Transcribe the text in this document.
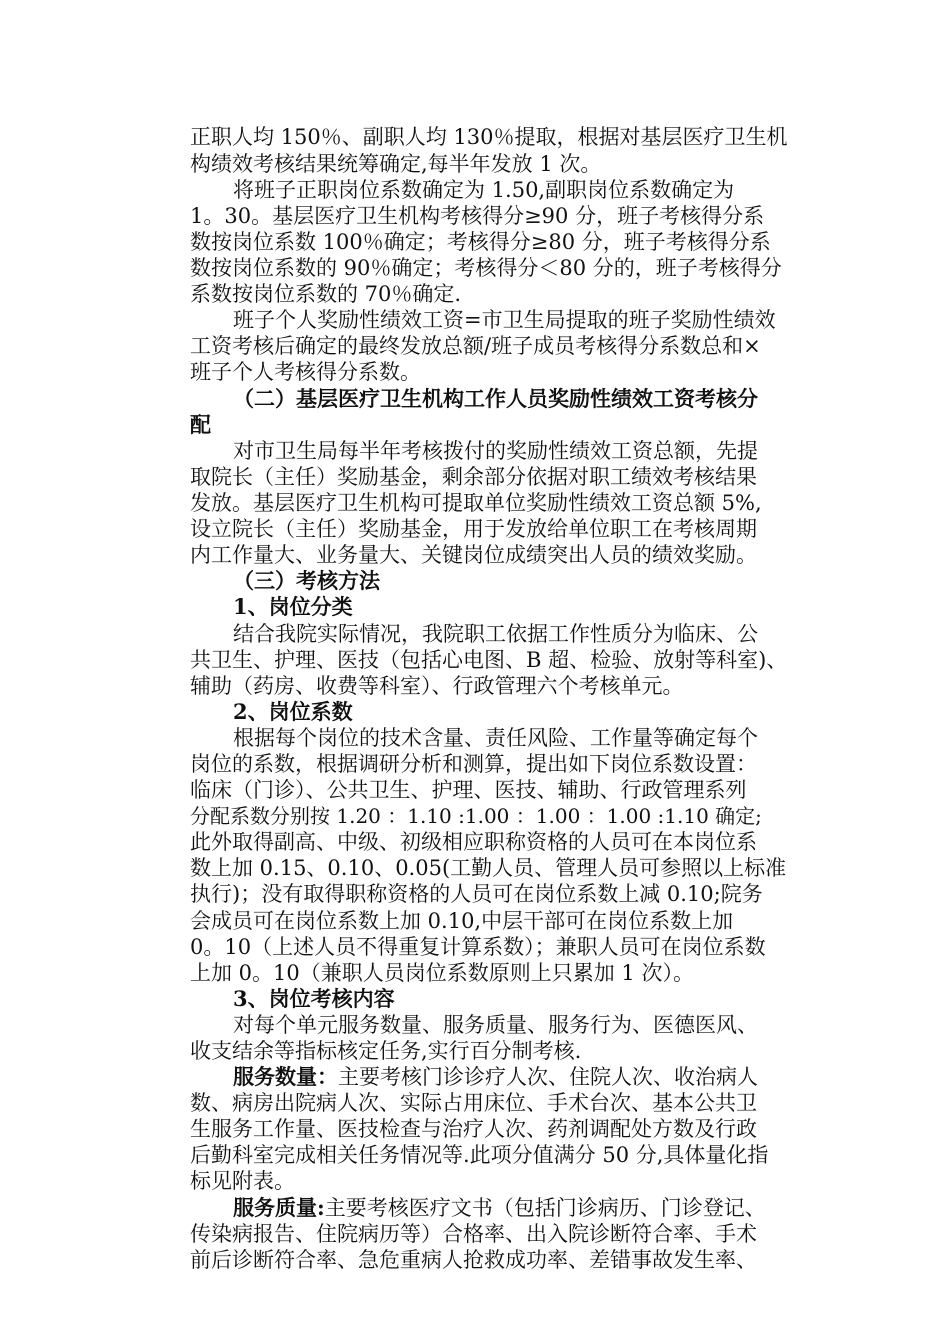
正职人均 150％、副职人均 130％提取，根据对基层医疗卫生机
构绩效考核结果统筹确定,每半年发放 1 次。
将班子正职岗位系数确定为 1.50,副职岗位系数确定为
1。30。基层医疗卫生机构考核得分≥90 分，班子考核得分系
数按岗位系数 100％确定；考核得分≥80 分，班子考核得分系
数按岗位系数的 90％确定；考核得分＜80 分的，班子考核得分
系数按岗位系数的 70％确定.
班子个人奖励性绩效工资=市卫生局提取的班子奖励性绩效
工资考核后确定的最终发放总额/班子成员考核得分系数总和×
班子个人考核得分系数。
（二）基层医疗卫生机构工作人员奖励性绩效工资考核分
配
对市卫生局每半年考核拨付的奖励性绩效工资总额，先提
取院长（主任）奖励基金，剩余部分依据对职工绩效考核结果
发放。基层医疗卫生机构可提取单位奖励性绩效工资总额 5%,
设立院长（主任）奖励基金，用于发放给单位职工在考核周期
内工作量大、业务量大、关键岗位成绩突出人员的绩效奖励。
（三）考核方法
1、岗位分类
结合我院实际情况，我院职工依据工作性质分为临床、公
共卫生、护理、医技（包括心电图、B 超、检验、放射等科室)、
辅助（药房、收费等科室）、行政管理六个考核单元。
2、岗位系数
根据每个岗位的技术含量、责任风险、工作量等确定每个
岗位的系数，根据调研分析和测算，提出如下岗位系数设置：
临床（门诊）、公共卫生、护理、医技、辅助、行政管理系列
分配系数分别按 1.20 ：1.10 :1.00 ：1.00 ：1.00 :1.10 确定;
此外取得副高、中级、初级相应职称资格的人员可在本岗位系
数上加 0.15、0.10、0.05(工勤人员、管理人员可参照以上标准
执行)；没有取得职称资格的人员可在岗位系数上减 0.10;院务
会成员可在岗位系数上加 0.10,中层干部可在岗位系数上加
0。10（上述人员不得重复计算系数）；兼职人员可在岗位系数
上加 0。10（兼职人员岗位系数原则上只累加 1 次）。
3、岗位考核内容
对每个单元服务数量、服务质量、服务行为、医德医风、
收支结余等指标核定任务,实行百分制考核.
服务数量：主要考核门诊诊疗人次、住院人次、收治病人
数、病房出院病人次、实际占用床位、手术台次、基本公共卫
生服务工作量、医技检查与治疗人次、药剂调配处方数及行政
后勤科室完成相关任务情况等.此项分值满分 50 分,具体量化指
标见附表。
服务质量:主要考核医疗文书（包括门诊病历、门诊登记、
传染病报告、住院病历等）合格率、出入院诊断符合率、手术
前后诊断符合率、急危重病人抢救成功率、差错事故发生率、
